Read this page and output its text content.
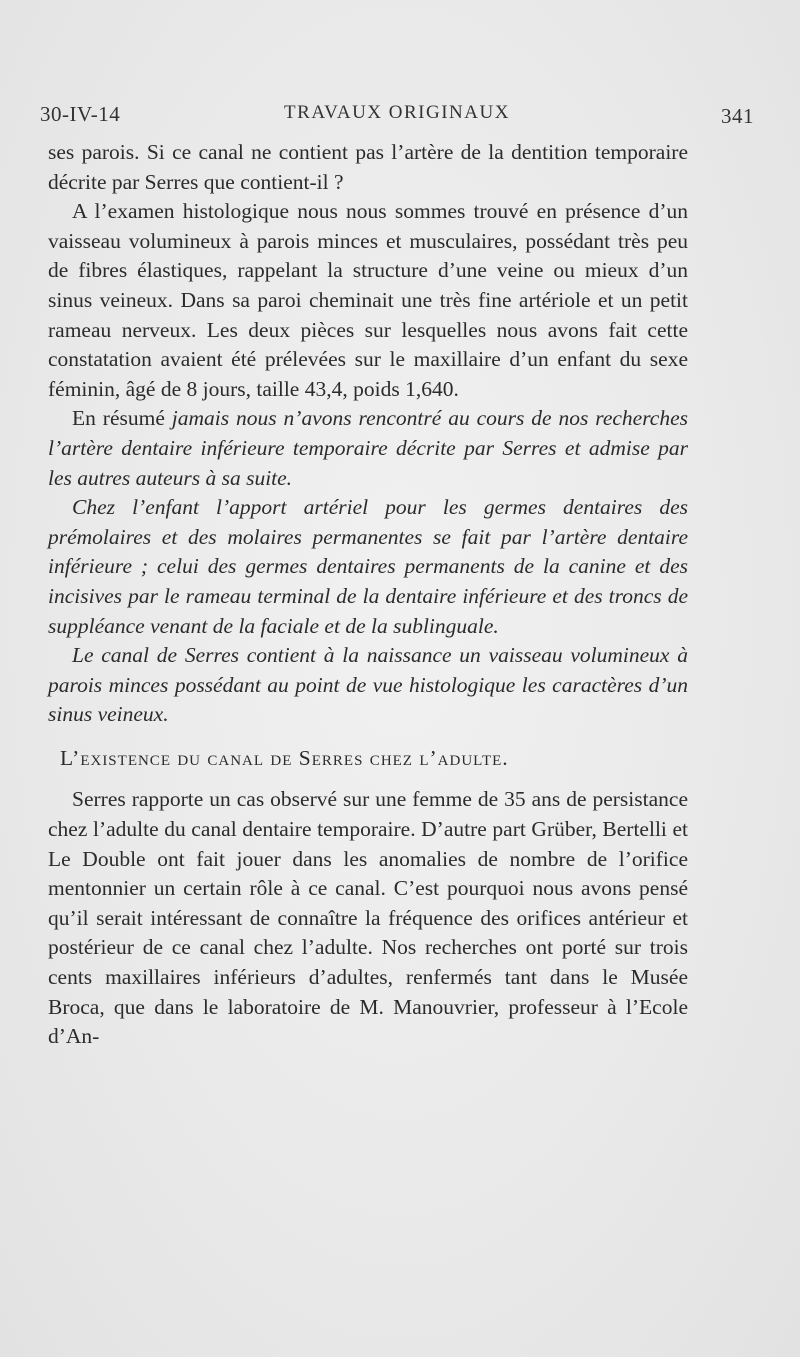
30-IV-14	TRAVAUX ORIGINAUX	341

ses parois. Si ce canal ne contient pas l’artère de la dentition temporaire décrite par Serres que contient-il ?

A l’examen histologique nous nous sommes trouvé en présence d’un vaisseau volumineux à parois minces et musculaires, possédant très peu de fibres élastiques, rappelant la structure d’une veine ou mieux d’un sinus veineux. Dans sa paroi cheminait une très fine artériole et un petit rameau nerveux. Les deux pièces sur lesquelles nous avons fait cette constatation avaient été prélevées sur le maxillaire d’un enfant du sexe féminin, âgé de 8 jours, taille 43,4, poids 1,640.

En résumé jamais nous n’avons rencontré au cours de nos recherches l’artère dentaire inférieure temporaire décrite par Serres et admise par les autres auteurs à sa suite.

Chez l’enfant l’apport artériel pour les germes dentaires des prémolaires et des molaires permanentes se fait par l’artère dentaire inférieure ; celui des germes dentaires permanents de la canine et des incisives par le rameau terminal de la dentaire inférieure et des troncs de suppléance venant de la faciale et de la sublinguale.

Le canal de Serres contient à la naissance un vaisseau volumineux à parois minces possédant au point de vue histologique les caractères d’un sinus veineux.

L’existence du canal de Serres chez l’adulte.

Serres rapporte un cas observé sur une femme de 35 ans de persistance chez l’adulte du canal dentaire temporaire. D’autre part Grüber, Bertelli et Le Double ont fait jouer dans les anomalies de nombre de l’orifice mentonnier un certain rôle à ce canal. C’est pourquoi nous avons pensé qu’il serait intéressant de connaître la fréquence des orifices antérieur et postérieur de ce canal chez l’adulte. Nos recherches ont porté sur trois cents maxillaires inférieurs d’adultes, renfermés tant dans le Musée Broca, que dans le laboratoire de M. Manouvrier, professeur à l’Ecole d’An-
